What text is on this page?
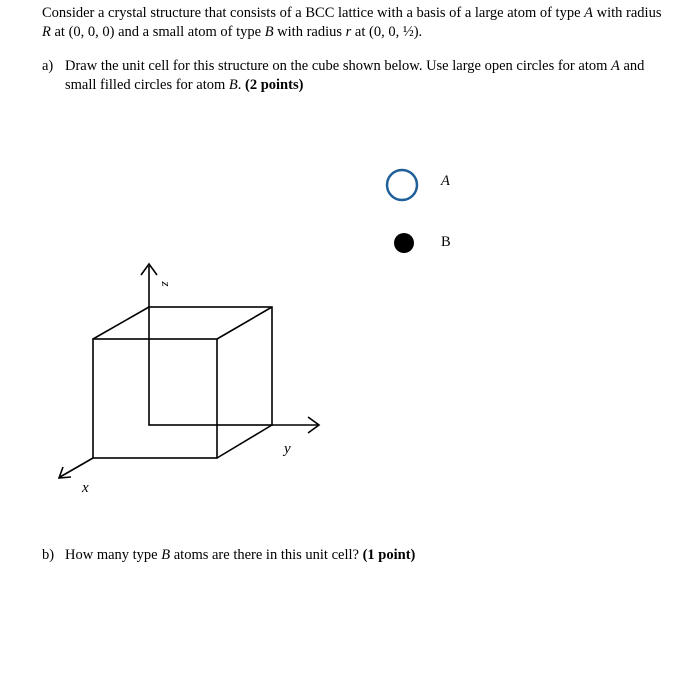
Consider a crystal structure that consists of a BCC lattice with a basis of a large atom of type A with radius R at (0, 0, 0) and a small atom of type B with radius r at (0, 0, ½).
a) Draw the unit cell for this structure on the cube shown below. Use large open circles for atom A and small filled circles for atom B. (2 points)
z
y
x
A
B
b) How many type B atoms are there in this unit cell? (1 point)
